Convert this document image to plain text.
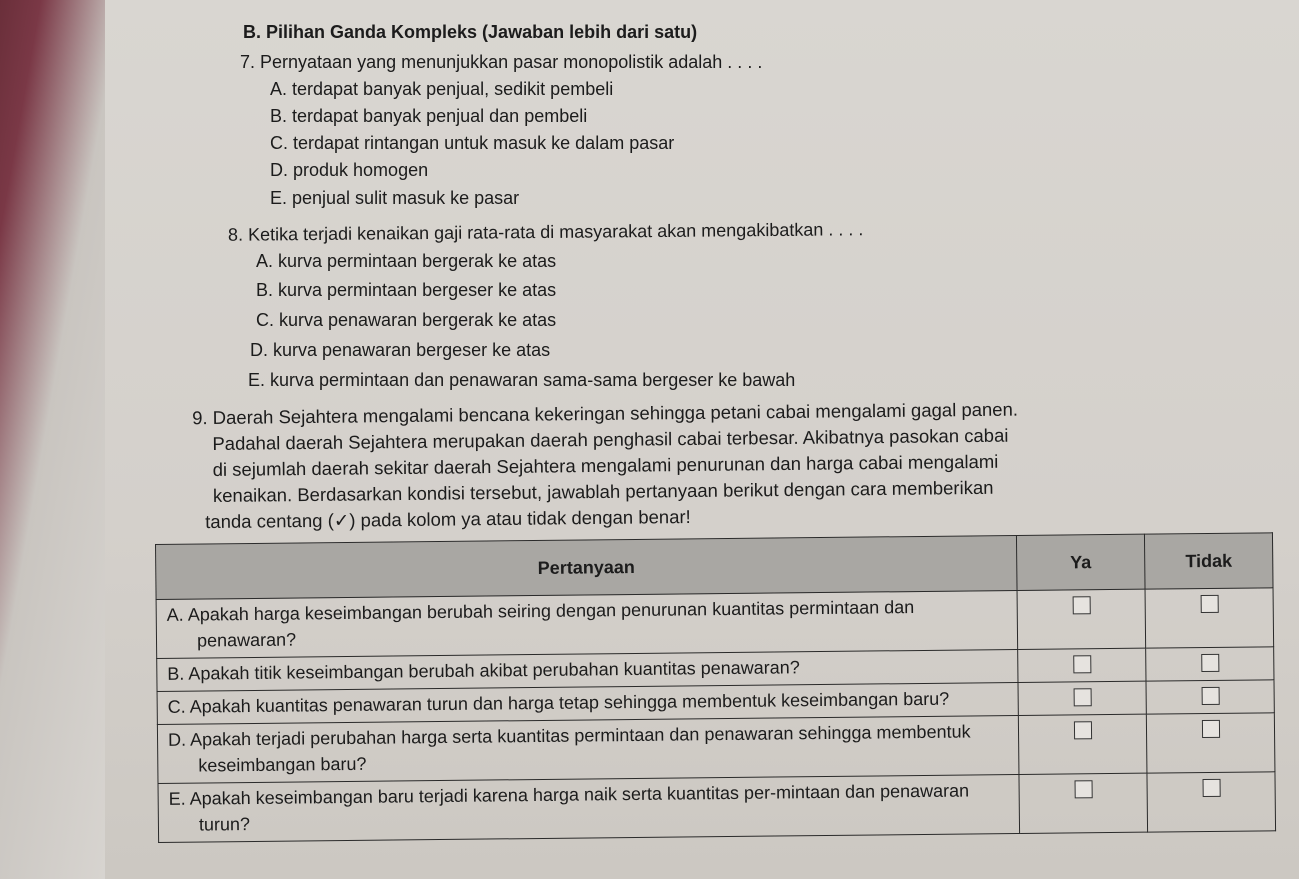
B. Pilihan Ganda Kompleks (Jawaban lebih dari satu)
7. Pernyataan yang menunjukkan pasar monopolistik adalah . . . .
A. terdapat banyak penjual, sedikit pembeli
B. terdapat banyak penjual dan pembeli
C. terdapat rintangan untuk masuk ke dalam pasar
D. produk homogen
E. penjual sulit masuk ke pasar
8. Ketika terjadi kenaikan gaji rata-rata di masyarakat akan mengakibatkan . . . .
A. kurva permintaan bergerak ke atas
B. kurva permintaan bergeser ke atas
C. kurva penawaran bergerak ke atas
D. kurva penawaran bergeser ke atas
E. kurva permintaan dan penawaran sama-sama bergeser ke bawah
9. Daerah Sejahtera mengalami bencana kekeringan sehingga petani cabai mengalami gagal panen.
Padahal daerah Sejahtera merupakan daerah penghasil cabai terbesar. Akibatnya pasokan cabai
di sejumlah daerah sekitar daerah Sejahtera mengalami penurunan dan harga cabai mengalami
kenaikan. Berdasarkan kondisi tersebut, jawablah pertanyaan berikut dengan cara memberikan
tanda centang (✓) pada kolom ya atau tidak dengan benar!
Pertanyaan	Ya	Tidak
A. Apakah harga keseimbangan berubah seiring dengan penurunan kuantitas permintaan dan penawaran?		
B. Apakah titik keseimbangan berubah akibat perubahan kuantitas penawaran?		
C. Apakah kuantitas penawaran turun dan harga tetap sehingga membentuk keseimbangan baru?		
D. Apakah terjadi perubahan harga serta kuantitas permintaan dan penawaran sehingga membentuk keseimbangan baru?		
E. Apakah keseimbangan baru terjadi karena harga naik serta kuantitas per-mintaan dan penawaran turun?		
